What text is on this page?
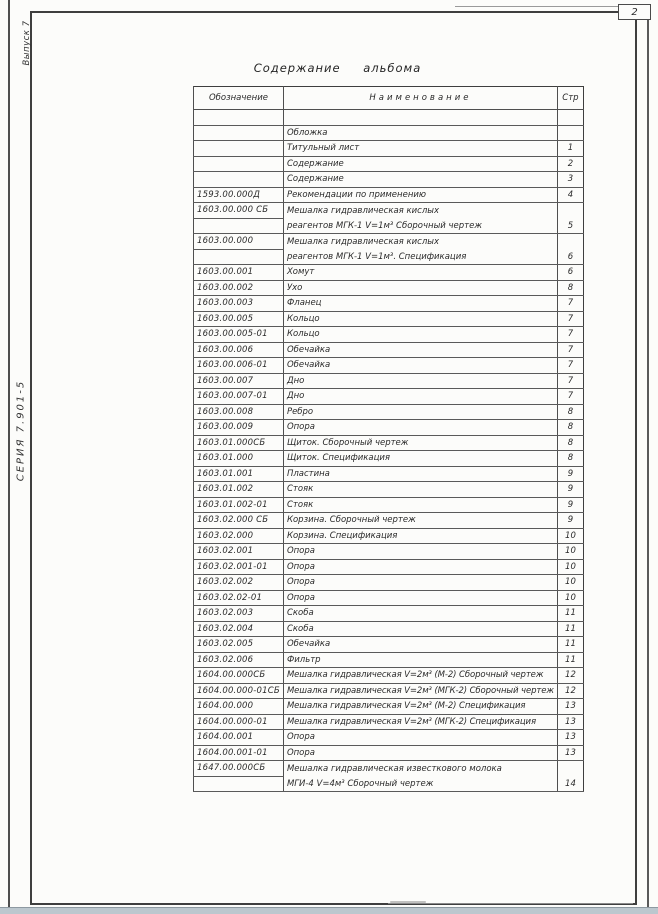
2
Выпуск 7
СЕРИЯ 7.901-5
Содержание альбома
Обозначение	Наименование	Стр

	Обложка	
	Титульный лист	1
	Содержание	2
	Содержание	3
1593.00.000Д	Рекомендации по применению	4
1603.00.000 СБ	Мешалка гидравлическая кислых	
	реагентов МГК-1 V=1м³ Сборочный чертеж	5
1603.00.000	Мешалка гидравлическая кислых	
	реагентов МГК-1 V=1м³. Спецификация	6
1603.00.001	Хомут	6
1603.00.002	Ухо	8
1603.00.003	Фланец	7
1603.00.005	Кольцо	7
1603.00.005-01	Кольцо	7
1603.00.006	Обечайка	7
1603.00.006-01	Обечайка	7
1603.00.007	Дно	7
1603.00.007-01	Дно	7
1603.00.008	Ребро	8
1603.00.009	Опора	8
1603.01.000СБ	Щиток. Сборочный чертеж	8
1603.01.000	Щиток. Спецификация	8
1603.01.001	Пластина	9
1603.01.002	Стояк	9
1603.01.002-01	Стояк	9
1603.02.000 СБ	Корзина. Сборочный чертеж	9
1603.02.000	Корзина. Спецификация	10
1603.02.001	Опора	10
1603.02.001-01	Опора	10
1603.02.002	Опора	10
1603.02.02-01	Опора	10
1603.02.003	Скоба	11
1603.02.004	Скоба	11
1603.02.005	Обечайка	11
1603.02.006	Фильтр	11
1604.00.000СБ	Мешалка гидравлическая V=2м³ (М-2) Сборочный чертеж	12
1604.00.000-01СБ	Мешалка гидравлическая V=2м³ (МГК-2) Сборочный чертеж	12
1604.00.000	Мешалка гидравлическая V=2м³ (М-2) Спецификация	13
1604.00.000-01	Мешалка гидравлическая V=2м³ (МГК-2) Спецификация	13
1604.00.001	Опора	13
1604.00.001-01	Опора	13
1647.00.000СБ	Мешалка гидравлическая известкового молока	
	МГИ-4 V=4м³ Сборочный чертеж	14
